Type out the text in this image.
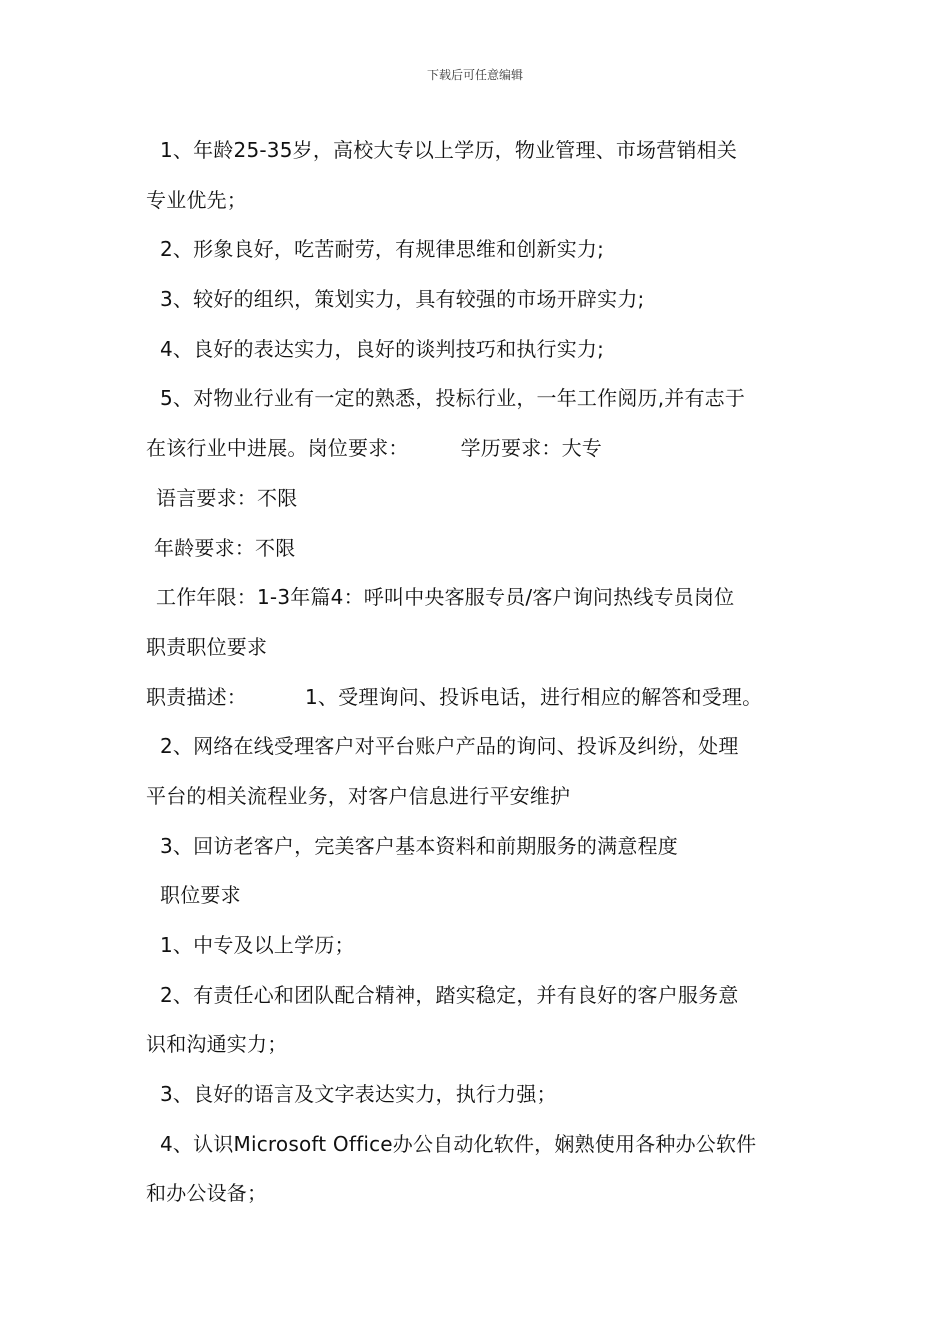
下载后可任意编辑
1、年龄25-35岁，高校大专以上学历，物业管理、市场营销相关
专业优先；
2、形象良好，吃苦耐劳，有规律思维和创新实力;
3、较好的组织，策划实力，具有较强的市场开辟实力;
4、良好的表达实力，良好的谈判技巧和执行实力;
5、对物业行业有一定的熟悉，投标行业，一年工作阅历,并有志于
在该行业中进展。岗位要求：	学历要求：大专
语言要求：不限
年龄要求：不限
工作年限：1-3年篇4：呼叫中央客服专员/客户询问热线专员岗位
职责职位要求
职责描述：	1、受理询问、投诉电话，进行相应的解答和受理。
2、网络在线受理客户对平台账户产品的询问、投诉及纠纷，处理
平台的相关流程业务，对客户信息进行平安维护
3、回访老客户，完美客户基本资料和前期服务的满意程度
职位要求
1、中专及以上学历；
2、有责任心和团队配合精神，踏实稳定，并有良好的客户服务意
识和沟通实力；
3、良好的语言及文字表达实力，执行力强；
4、认识Microsoft Office办公自动化软件，娴熟使用各种办公软件
和办公设备；
